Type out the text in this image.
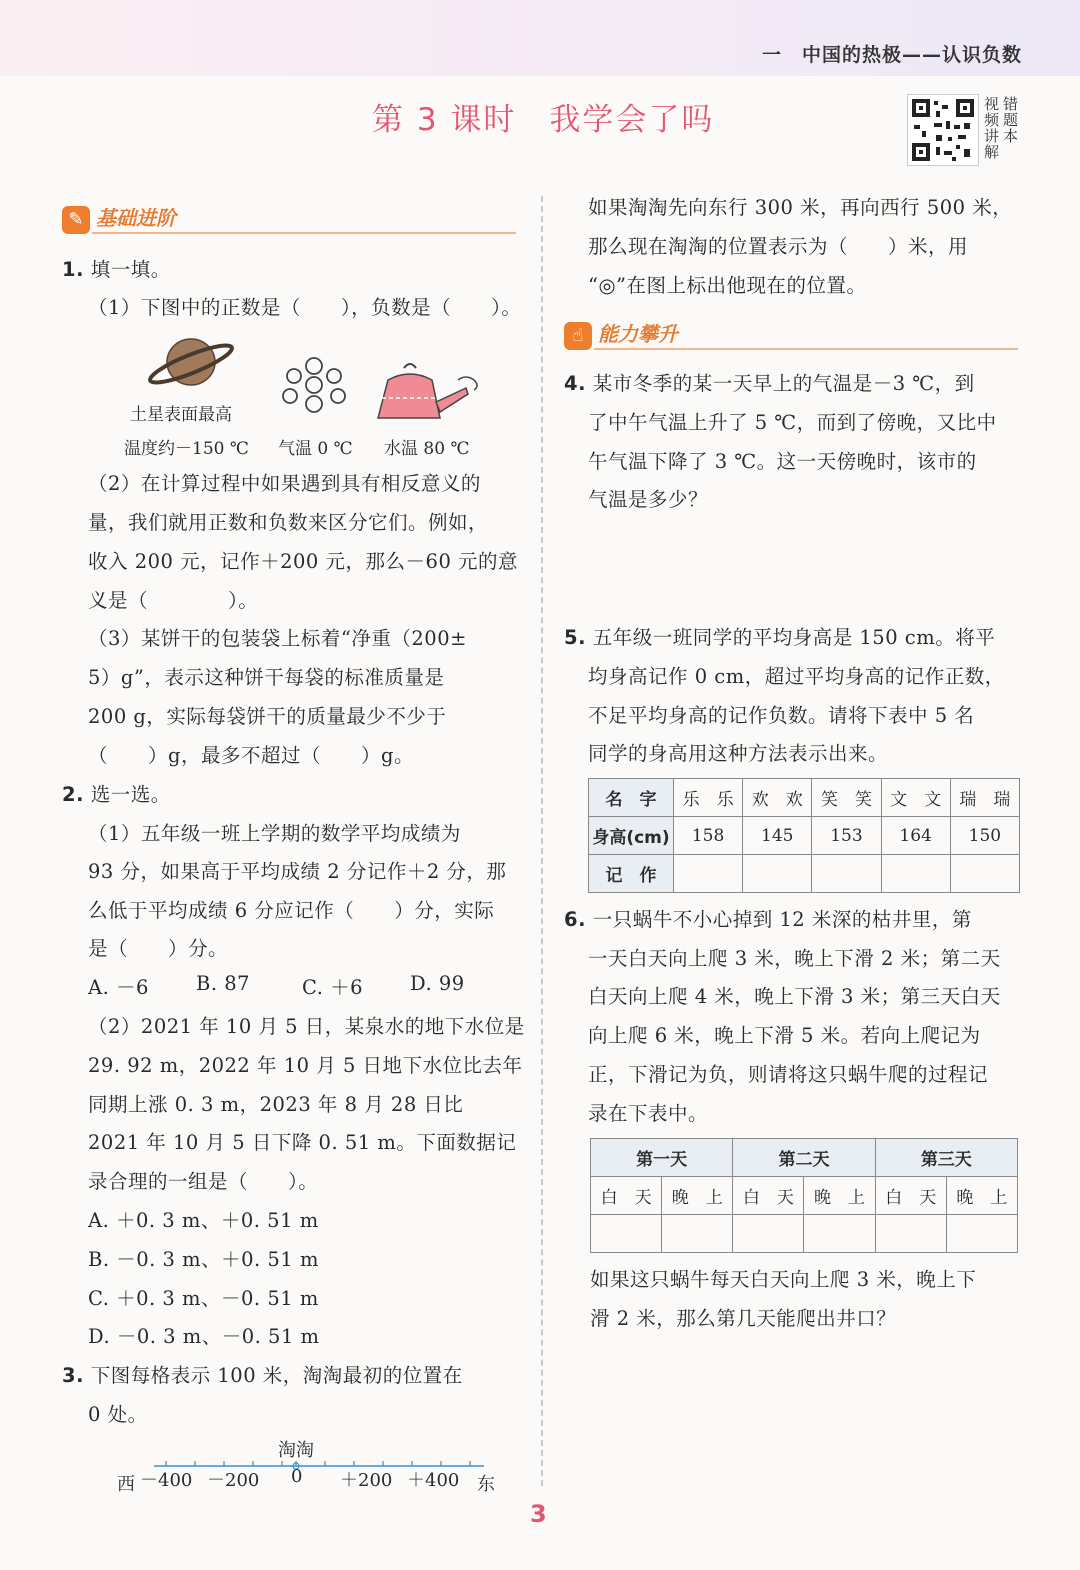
一　中国的热极——认识负数
第 3 课时　我学会了吗	视 错
频 题
讲 本
解
✎ 基础进阶
1. 填一填。
（1）下图中的正数是（　　），负数是（　　）。
土星表面最高
温度约－150 ℃ 气温 0 ℃ 水温 80 ℃
（2）在计算过程中如果遇到具有相反意义的
量，我们就用正数和负数来区分它们。例如，
收入 200 元，记作＋200 元，那么－60 元的意
义是（　　　　）。
（3）某饼干的包装袋上标着“净重（200±
5）g”，表示这种饼干每袋的标准质量是
200 g，实际每袋饼干的质量最少不少于
（　　）g，最多不超过（　　）g。
2. 选一选。
（1）五年级一班上学期的数学平均成绩为
93 分，如果高于平均成绩 2 分记作＋2 分，那
么低于平均成绩 6 分应记作（　　）分，实际
是（　　）分。
A. －6 B. 87	C. ＋6 D. 99
（2）2021 年 10 月 5 日，某泉水的地下水位是
29. 92 m，2022 年 10 月 5 日地下水位比去年
同期上涨 0. 3 m，2023 年 8 月 28 日比
2021 年 10 月 5 日下降 0. 51 m。下面数据记
录合理的一组是（　　）。
A. ＋0. 3 m、＋0. 51 m
B. －0. 3 m、＋0. 51 m
C. ＋0. 3 m、－0. 51 m
D. －0. 3 m、－0. 51 m
3. 下图每格表示 100 米，淘淘最初的位置在
0 处。
淘淘
西 －400 －200 0 ＋200 ＋400 东
如果淘淘先向东行 300 米，再向西行 500 米，
那么现在淘淘的位置表示为（　　）米，用
“◎”在图上标出他现在的位置。
☝ 能力攀升
4. 某市冬季的某一天早上的气温是－3 ℃，到
了中午气温上升了 5 ℃，而到了傍晚，又比中
午气温下降了 3 ℃。这一天傍晚时，该市的
气温是多少？
5. 五年级一班同学的平均身高是 150 cm。将平
均身高记作 0 cm，超过平均身高的记作正数，
不足平均身高的记作负数。请将下表中 5 名
同学的身高用这种方法表示出来。
名　字	乐　乐	欢　欢	笑　笑	文　文	瑞　瑞
身高(cm)	158	145	153	164	150
记　作					
6. 一只蜗牛不小心掉到 12 米深的枯井里，第
一天白天向上爬 3 米，晚上下滑 2 米；第二天
白天向上爬 4 米，晚上下滑 3 米；第三天白天
向上爬 6 米，晚上下滑 5 米。若向上爬记为
正，下滑记为负，则请将这只蜗牛爬的过程记
录在下表中。
第一天		第二天		第三天	
白　天	晚　上	白　天	晚　上	白　天	晚　上

如果这只蜗牛每天白天向上爬 3 米，晚上下
滑 2 米，那么第几天能爬出井口？
3
